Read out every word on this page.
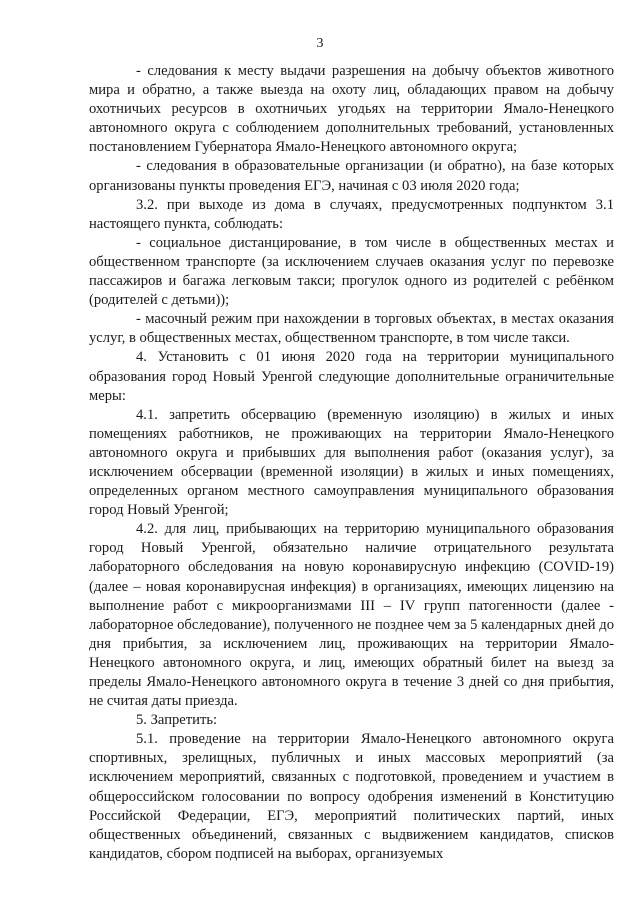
3

- следования к месту выдачи разрешения на добычу объектов животного мира и обратно, а также выезда на охоту лиц, обладающих правом на добычу охотничьих ресурсов в охотничьих угодьях на территории Ямало-Ненецкого автономного округа с соблюдением дополнительных требований, установленных постановлением Губернатора Ямало-Ненецкого автономного округа;

- следования в образовательные организации (и обратно), на базе которых организованы пункты проведения ЕГЭ, начиная с 03 июля 2020 года;

3.2. при выходе из дома в случаях, предусмотренных подпунктом 3.1 настоящего пункта, соблюдать:

- социальное дистанцирование, в том числе в общественных местах и общественном транспорте (за исключением случаев оказания услуг по перевозке пассажиров и багажа легковым такси; прогулок одного из родителей с ребёнком (родителей с детьми));

- масочный режим при нахождении в торговых объектах, в местах оказания услуг, в общественных местах, общественном транспорте, в том числе такси.

4. Установить с 01 июня 2020 года на территории муниципального образования город Новый Уренгой следующие дополнительные ограничительные меры:

4.1. запретить обсервацию (временную изоляцию) в жилых и иных помещениях работников, не проживающих на территории Ямало-Ненецкого автономного округа и прибывших для выполнения работ (оказания услуг), за исключением обсервации (временной изоляции) в жилых и иных помещениях, определенных органом местного самоуправления муниципального образования город Новый Уренгой;

4.2. для лиц, прибывающих на территорию муниципального образования город Новый Уренгой, обязательно наличие отрицательного результата лабораторного обследования на новую коронавирусную инфекцию (COVID-19) (далее – новая коронавирусная инфекция) в организациях, имеющих лицензию на выполнение работ с микроорганизмами III – IV групп патогенности (далее - лабораторное обследование), полученного не позднее чем за 5 календарных дней до дня прибытия, за исключением лиц, проживающих на территории Ямало-Ненецкого автономного округа, и лиц, имеющих обратный билет на выезд за пределы Ямало-Ненецкого автономного округа в течение 3 дней со дня прибытия, не считая даты приезда.

5. Запретить:

5.1. проведение на территории Ямало-Ненецкого автономного округа спортивных, зрелищных, публичных и иных массовых мероприятий (за исключением мероприятий, связанных с подготовкой, проведением и участием в общероссийском голосовании по вопросу одобрения изменений в Конституцию Российской Федерации, ЕГЭ, мероприятий политических партий, иных общественных объединений, связанных с выдвижением кандидатов, списков кандидатов, сбором подписей на выборах, организуемых
